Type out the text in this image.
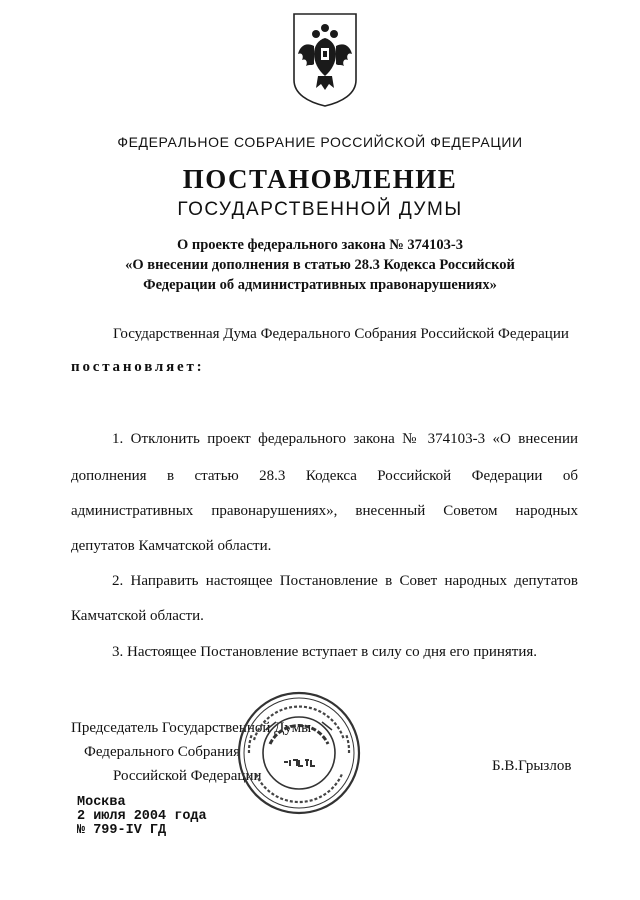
ФЕДЕРАЛЬНОЕ СОБРАНИЕ РОССИЙСКОЙ ФЕДЕРАЦИИ
ПОСТАНОВЛЕНИЕ
ГОСУДАРСТВЕННОЙ ДУМЫ
О проекте федерального закона № 374103-3
«О внесении дополнения в статью 28.3 Кодекса Российской
Федерации об административных правонарушениях»
Государственная Дума Федерального Собрания Российской Федерации
постановляет:
1. Отклонить проект федерального закона № 374103-3 «О внесении
дополнения в статью 28.3 Кодекса Российской Федерации об
административных правонарушениях», внесенный Советом народных
депутатов Камчатской области.
2. Направить настоящее Постановление в Совет народных депутатов
Камчатской области.
3. Настоящее Постановление вступает в силу со дня его принятия.
Председатель Государственной Думы
Федерального Собрания
Российской Федерации
Б.В.Грызлов
Москва
2 июля 2004 года
№ 799-IV ГД
